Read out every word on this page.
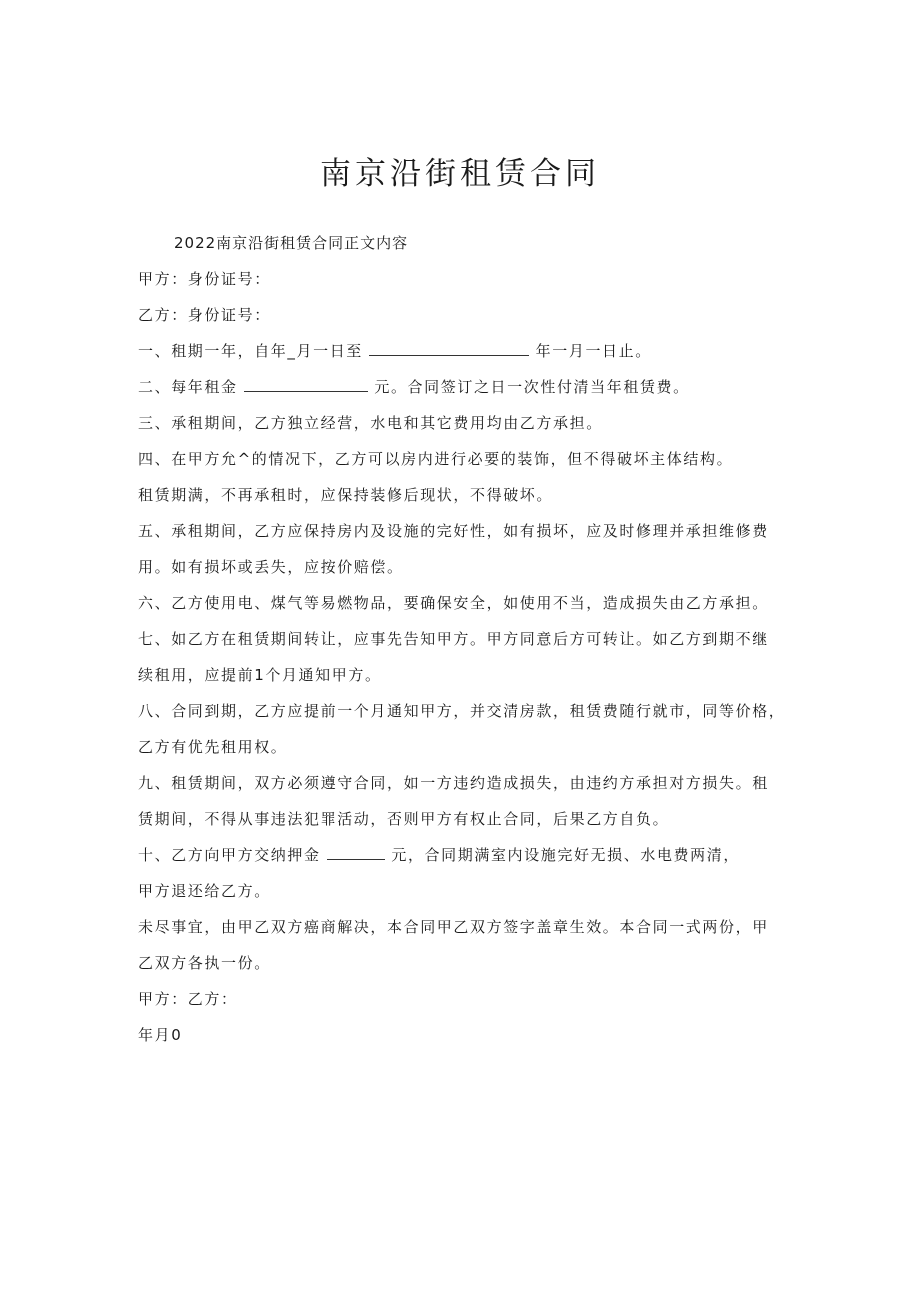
南京沿街租赁合同

2022南京沿街租赁合同正文内容

甲方：身份证号：

乙方：身份证号：

一、租期一年，自年_月一日至	年一月一日止。

二、每年租金	元。合同签订之日一次性付清当年租赁费。

三、承租期间，乙方独立经营，水电和其它费用均由乙方承担。

四、在甲方允^的情况下，乙方可以房内进行必要的装饰，但不得破坏主体结构。

租赁期满，不再承租时，应保持装修后现状，不得破坏。

五、承租期间，乙方应保持房内及设施的完好性，如有损坏，应及时修理并承担维修费

用。如有损坏或丢失，应按价赔偿。

六、乙方使用电、煤气等易燃物品，要确保安全，如使用不当，造成损失由乙方承担。

七、如乙方在租赁期间转让，应事先告知甲方。甲方同意后方可转让。如乙方到期不继

续租用，应提前1个月通知甲方。

八、合同到期，乙方应提前一个月通知甲方，并交清房款，租赁费随行就市，同等价格，

乙方有优先租用权。

九、租赁期间，双方必须遵守合同，如一方违约造成损失，由违约方承担对方损失。租

赁期间，不得从事违法犯罪活动，否则甲方有权止合同，后果乙方自负。

十、乙方向甲方交纳押金	元，合同期满室内设施完好无损、水电费两清，

甲方退还给乙方。

未尽事宜，由甲乙双方癌商解决，本合同甲乙双方签字盖章生效。本合同一式两份，甲

乙双方各执一份。

甲方：乙方：

年月0
